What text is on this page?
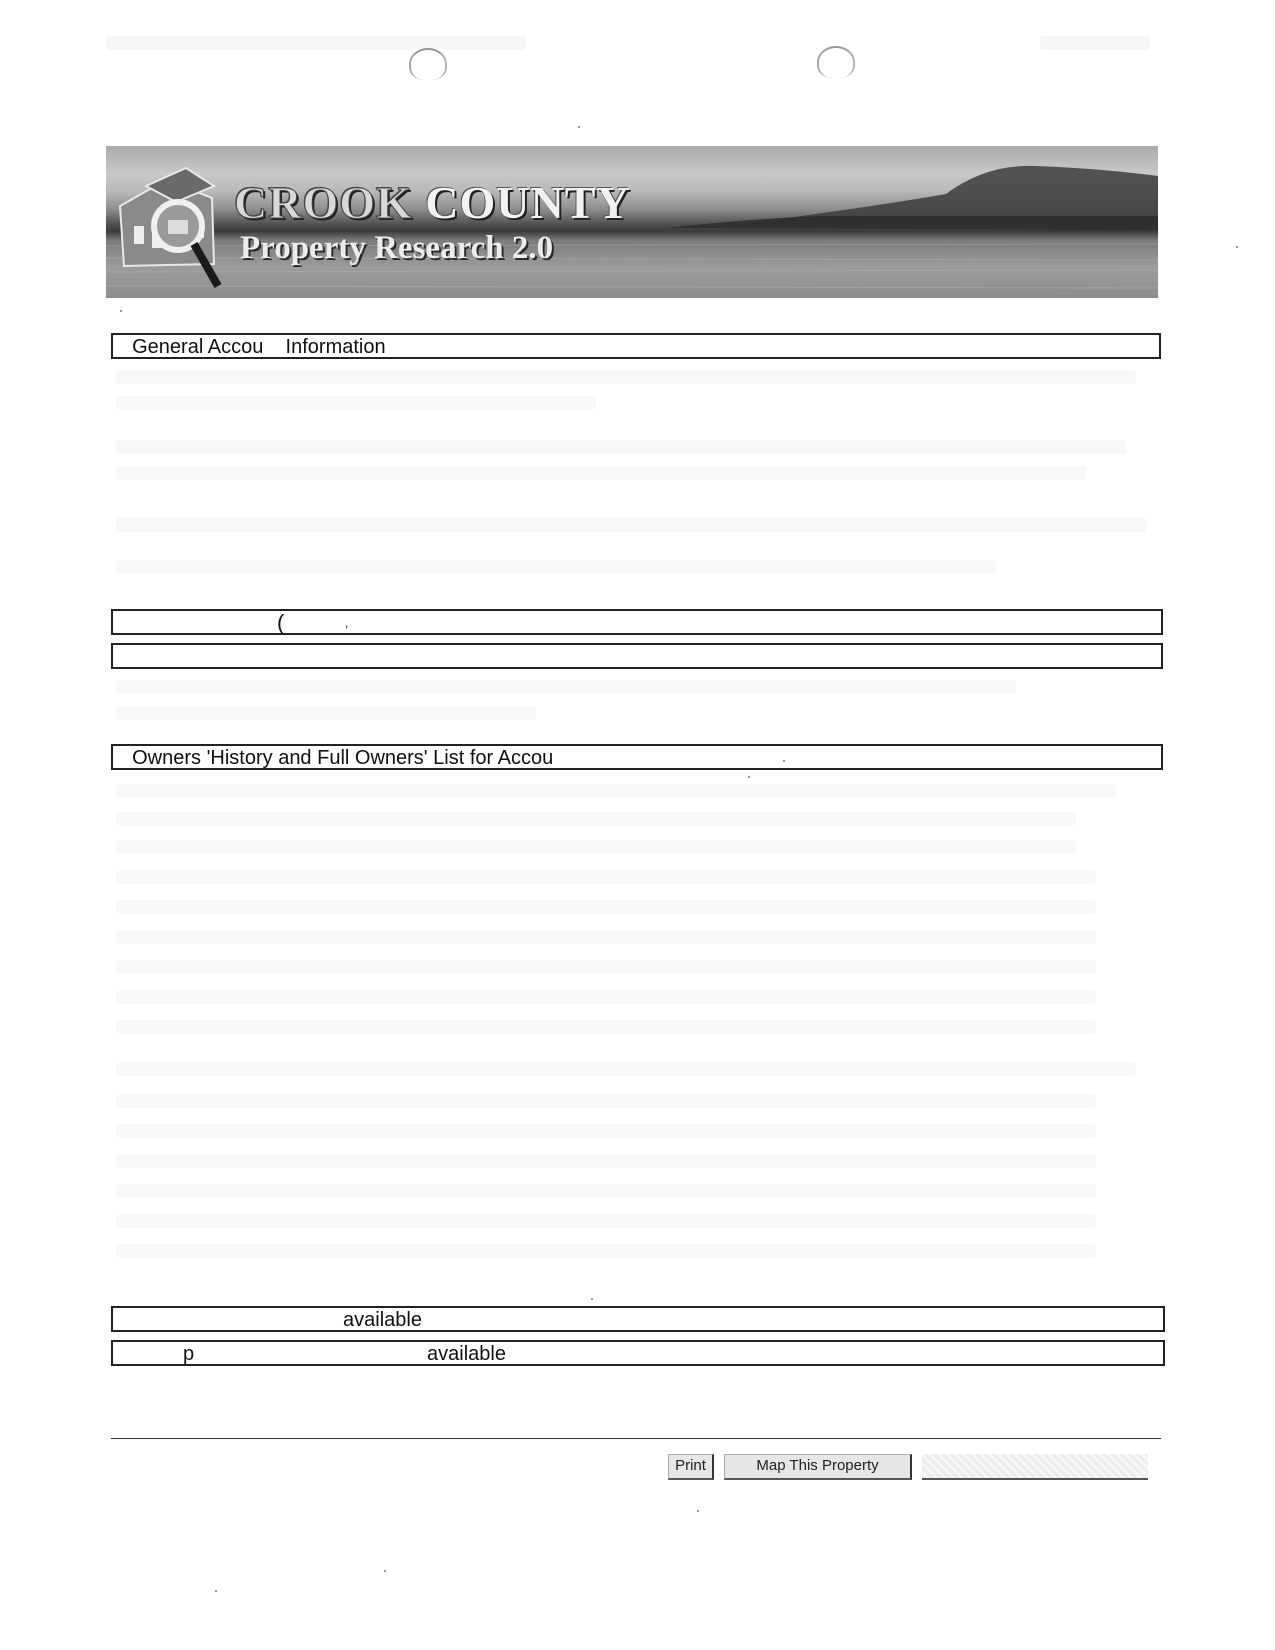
CROOK COUNTY
Property Research 2.0

General Accou    Information

(

	,

Owners 'History and Full Owners' List for Accou

available

p

	available

Print	Map This Property
